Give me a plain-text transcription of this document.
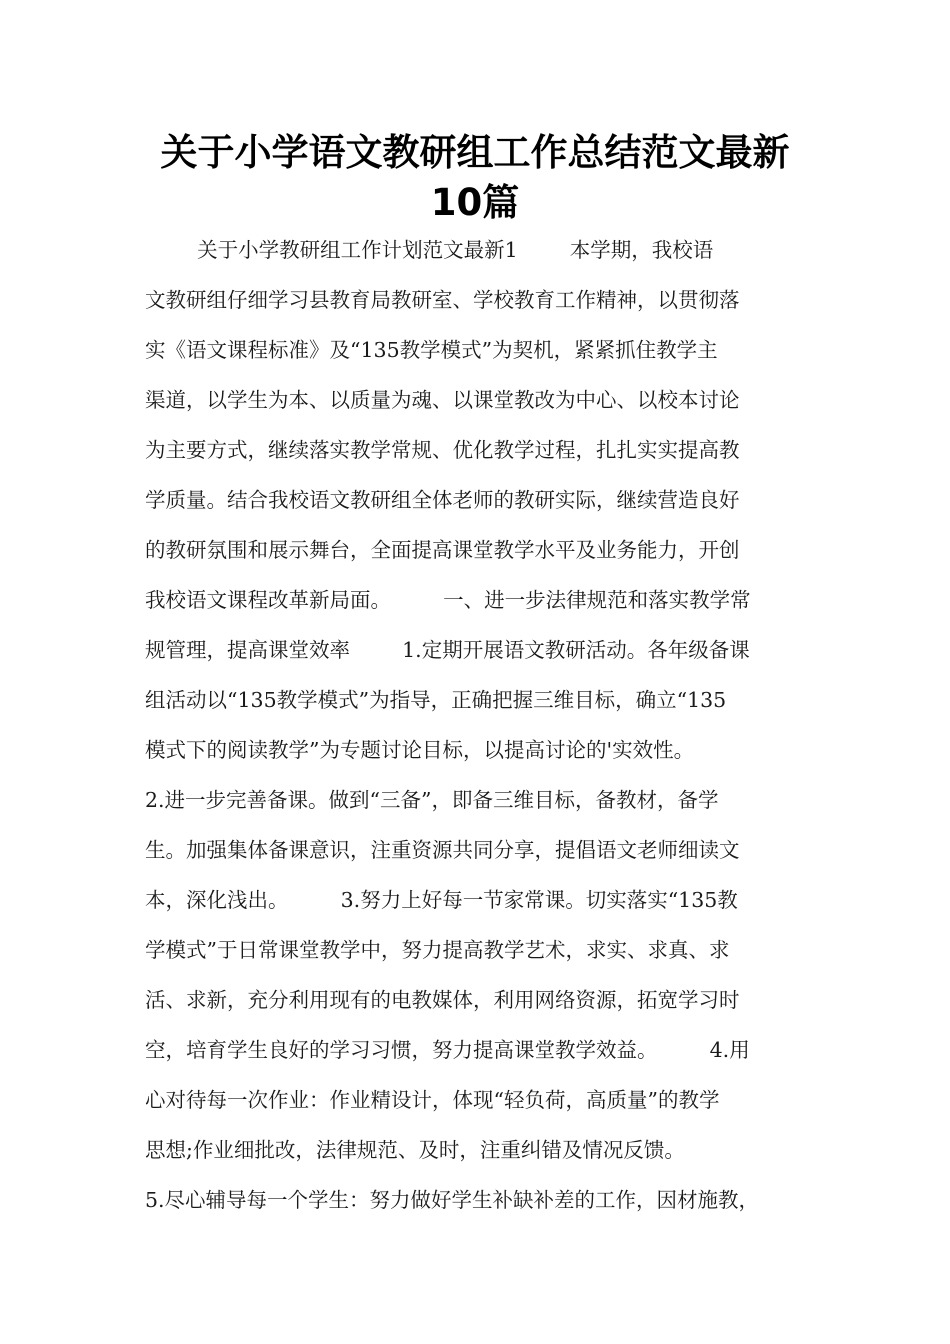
关于小学语文教研组工作总结范文最新
10篇
关于小学教研组工作计划范文最新1        本学期，我校语
文教研组仔细学习县教育局教研室、学校教育工作精神，以贯彻落
实《语文课程标准》及“135教学模式”为契机，紧紧抓住教学主
渠道，以学生为本、以质量为魂、以课堂教改为中心、以校本讨论
为主要方式，继续落实教学常规、优化教学过程，扎扎实实提高教
学质量。结合我校语文教研组全体老师的教研实际，继续营造良好
的教研氛围和展示舞台，全面提高课堂教学水平及业务能力，开创
我校语文课程改革新局面。        一、进一步法律规范和落实教学常
规管理，提高课堂效率        1.定期开展语文教研活动。各年级备课
组活动以“135教学模式”为指导，正确把握三维目标，确立“135
模式下的阅读教学”为专题讨论目标，以提高讨论的'实效性。
2.进一步完善备课。做到“三备”，即备三维目标，备教材，备学
生。加强集体备课意识，注重资源共同分享，提倡语文老师细读文
本，深化浅出。        3.努力上好每一节家常课。切实落实“135教
学模式”于日常课堂教学中，努力提高教学艺术，求实、求真、求
活、求新，充分利用现有的电教媒体，利用网络资源，拓宽学习时
空，培育学生良好的学习习惯，努力提高课堂教学效益。        4.用
心对待每一次作业：作业精设计，体现“轻负荷，高质量”的教学
思想;作业细批改，法律规范、及时，注重纠错及情况反馈。
5.尽心辅导每一个学生：努力做好学生补缺补差的工作，因材施教，
